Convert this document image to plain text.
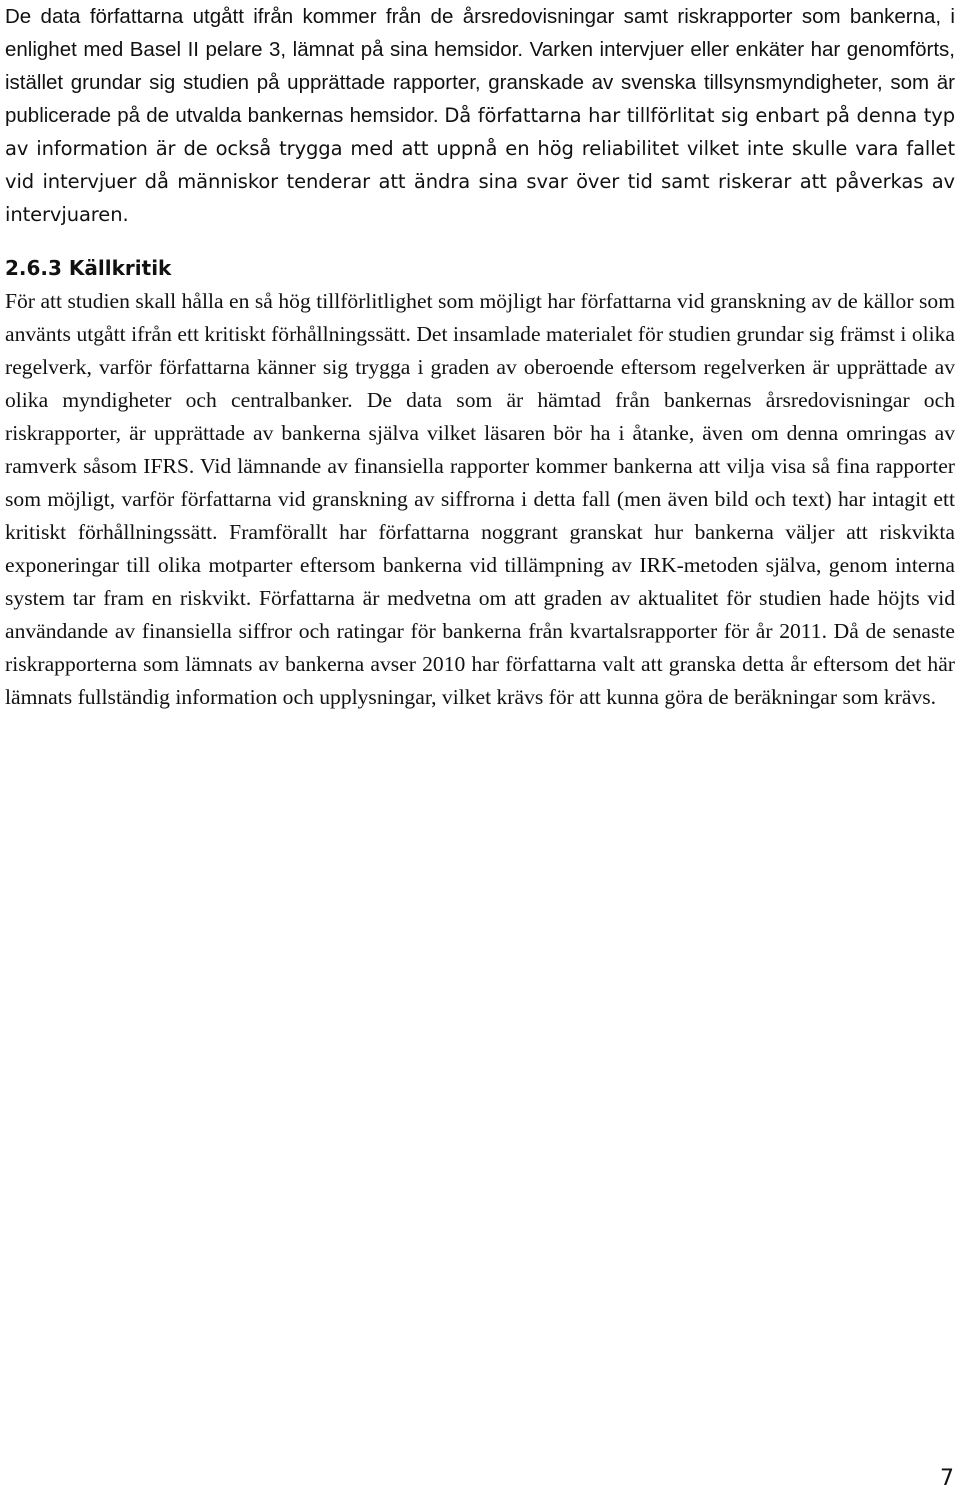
De data författarna utgått ifrån kommer från de årsredovisningar samt riskrapporter som bankerna, i enlighet med Basel II pelare 3, lämnat på sina hemsidor. Varken intervjuer eller enkäter har genomförts, istället grundar sig studien på upprättade rapporter, granskade av svenska tillsynsmyndigheter, som är publicerade på de utvalda bankernas hemsidor. Då författarna har tillförlitat sig enbart på denna typ av information är de också trygga med att uppnå en hög reliabilitet vilket inte skulle vara fallet vid intervjuer då människor tenderar att ändra sina svar över tid samt riskerar att påverkas av intervjuaren.

2.6.3 Källkritik

För att studien skall hålla en så hög tillförlitlighet som möjligt har författarna vid granskning av de källor som använts utgått ifrån ett kritiskt förhållningssätt. Det insamlade materialet för studien grundar sig främst i olika regelverk, varför författarna känner sig trygga i graden av oberoende eftersom regelverken är upprättade av olika myndigheter och centralbanker. De data som är hämtad från bankernas årsredovisningar och riskrapporter, är upprättade av bankerna själva vilket läsaren bör ha i åtanke, även om denna omringas av ramverk såsom IFRS. Vid lämnande av finansiella rapporter kommer bankerna att vilja visa så fina rapporter som möjligt, varför författarna vid granskning av siffrorna i detta fall (men även bild och text) har intagit ett kritiskt förhållningssätt. Framförallt har författarna noggrant granskat hur bankerna väljer att riskvikta exponeringar till olika motparter eftersom bankerna vid tillämpning av IRK-metoden själva, genom interna system tar fram en riskvikt. Författarna är medvetna om att graden av aktualitet för studien hade höjts vid användande av finansiella siffror och ratingar för bankerna från kvartalsrapporter för år 2011. Då de senaste riskrapporterna som lämnats av bankerna avser 2010 har författarna valt att granska detta år eftersom det här lämnats fullständig information och upplysningar, vilket krävs för att kunna göra de beräkningar som krävs.

7
